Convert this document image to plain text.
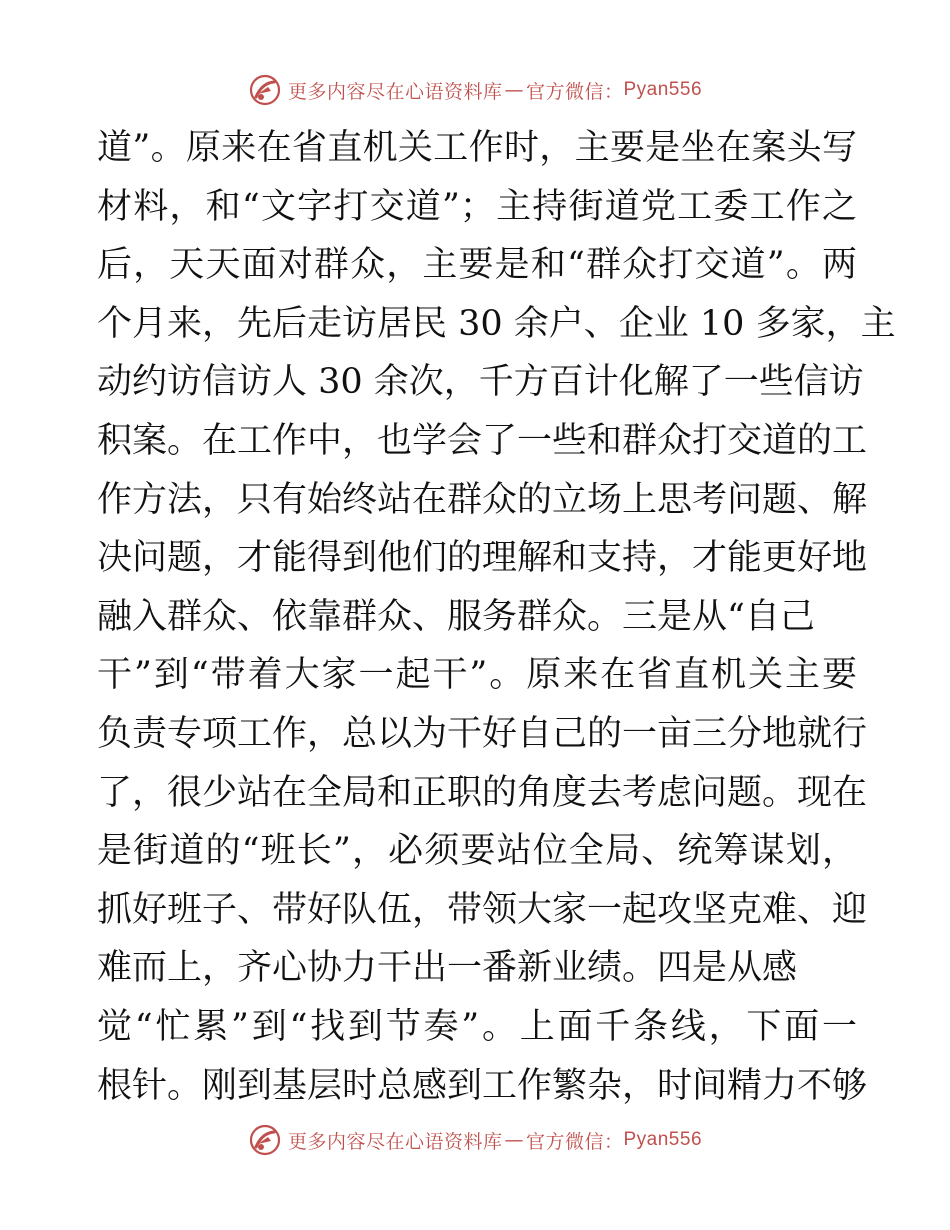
更多内容尽在心语资料库 — 官方微信： Pyan556
道”。原来在省直机关工作时，主要是坐在案头写
材料，和“文字打交道”；主持街道党工委工作之
后，天天面对群众，主要是和“群众打交道”。两
个月来，先后走访居民 30 余户、企业 10 多家，主
动约访信访人 30 余次，千方百计化解了一些信访
积案。在工作中，也学会了一些和群众打交道的工
作方法，只有始终站在群众的立场上思考问题、解
决问题，才能得到他们的理解和支持，才能更好地
融入群众、依靠群众、服务群众。三是从“自己
干”到“带着大家一起干”。原来在省直机关主要
负责专项工作，总以为干好自己的一亩三分地就行
了，很少站在全局和正职的角度去考虑问题。现在
是街道的“班长”，必须要站位全局、统筹谋划，
抓好班子、带好队伍，带领大家一起攻坚克难、迎
难而上，齐心协力干出一番新业绩。四是从感
觉“忙累”到“找到节奏”。上面千条线，下面一
根针。刚到基层时总感到工作繁杂，时间精力不够
更多内容尽在心语资料库 — 官方微信： Pyan556
